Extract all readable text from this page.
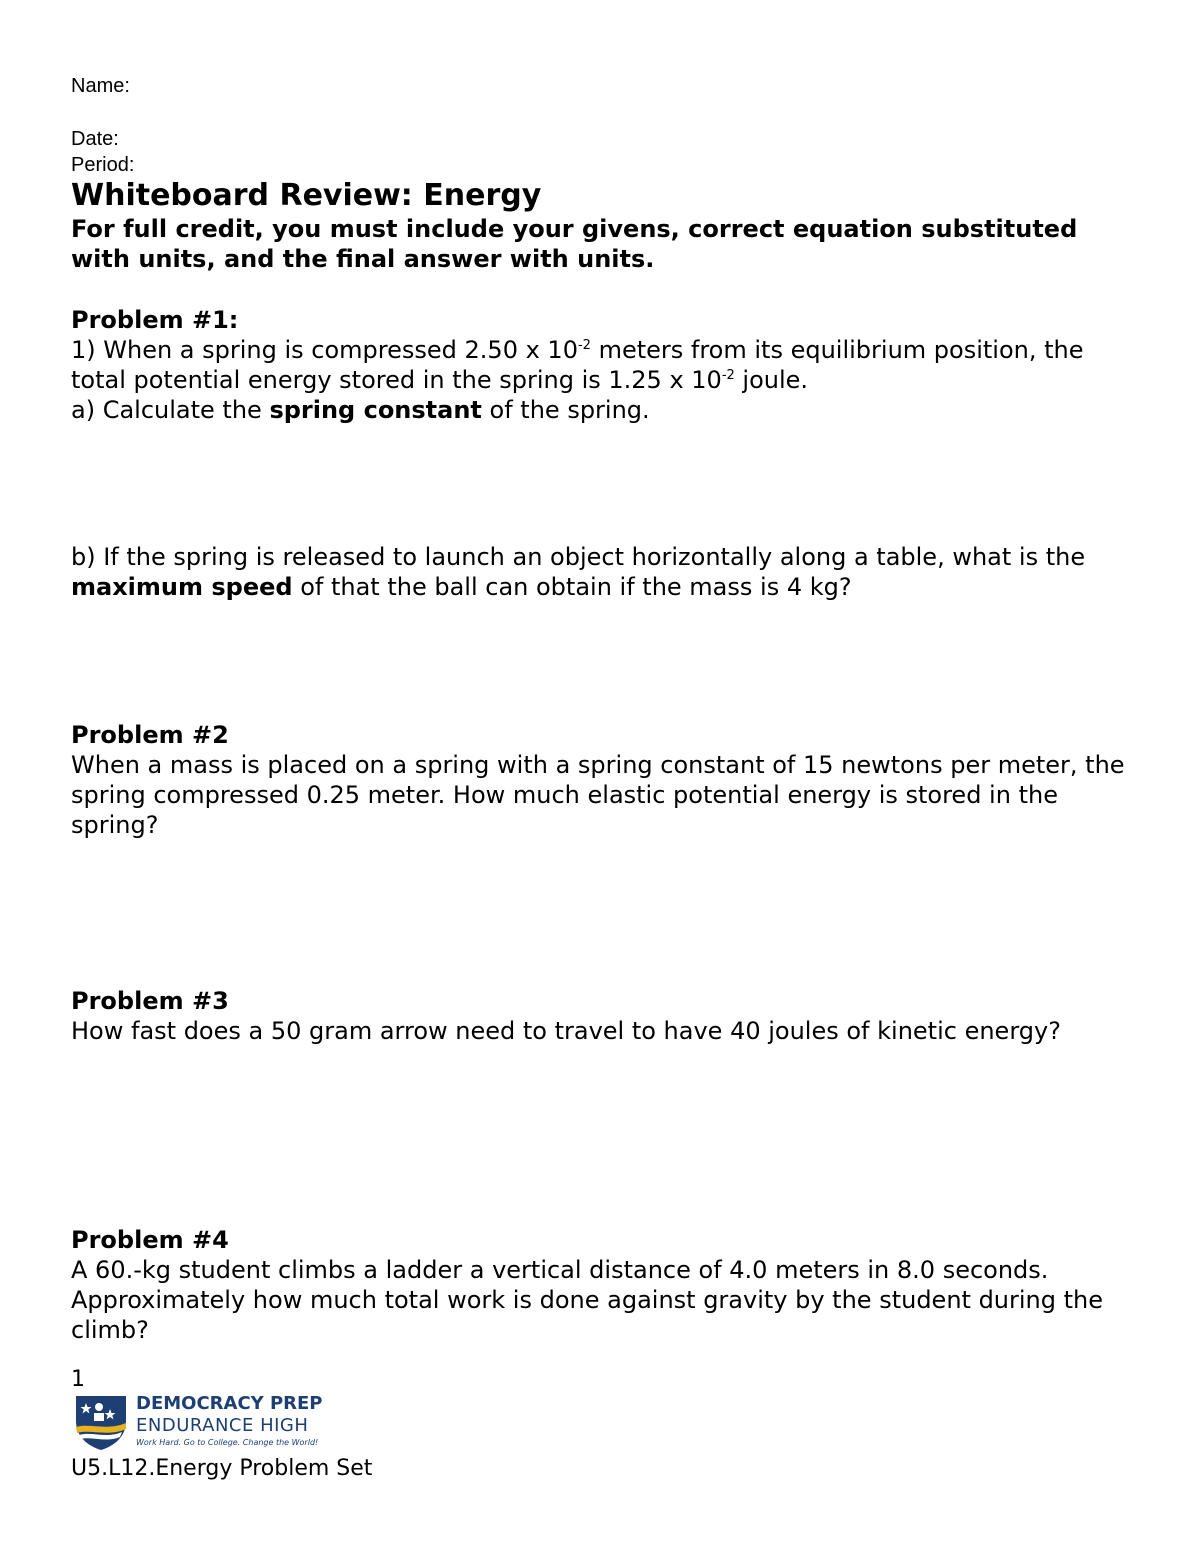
Name:
Date:
Period:
Whiteboard Review: Energy
For full credit, you must include your givens, correct equation substituted with units, and the final answer with units.

Problem #1:

1) When a spring is compressed 2.50 x $10^{-2}$ meters from its equilibrium position, the total potential energy stored in the spring is 1.25 x $10^{-2}$ joule.

a) Calculate the spring constant of the spring.

b) If the spring is released to launch an object horizontally along a table, what is the maximum speed of that the ball can obtain if the mass is 4 kg?

Problem #2

When a mass is placed on a spring with a spring constant of 15 newtons per meter, the spring compressed 0.25 meter. How much elastic potential energy is stored in the spring?

Problem #3

How fast does a 50 gram arrow need to travel to have 40 joules of kinetic energy?

Problem #4

A 60.-kg student climbs a ladder a vertical distance of 4.0 meters in 8.0 seconds. Approximately how much total work is done against gravity by the student during the climb?

1
DEMOCRACY PREP
ENDURANCE HIGH
Work Hard. Go to College. Change the World!
U5.L12.Energy Problem Set
